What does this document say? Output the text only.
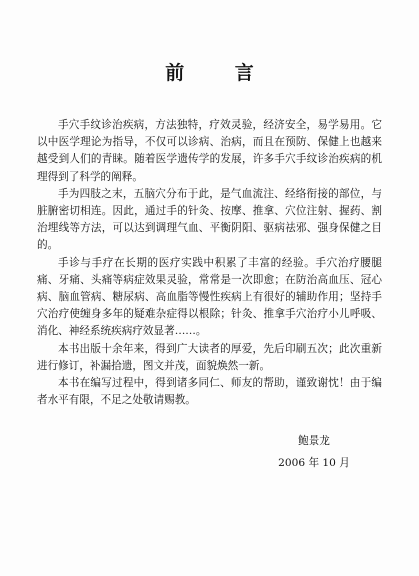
前 言

手穴手纹诊治疾病，方法独特，疗效灵验，经济安全，易学易用。它以中医学理论为指导，不仅可以诊病、治病，而且在预防、保健上也越来越受到人们的青睐。随着医学遗传学的发展，许多手穴手纹诊治疾病的机理得到了科学的阐释。

手为四肢之末，五脑穴分布于此，是气血流注、经络衔接的部位，与脏腑密切相连。因此，通过手的针灸、按摩、推拿、穴位注射、握药、割治埋线等方法，可以达到调理气血、平衡阴阳、驱病祛邪、强身保健之目的。

手诊与手疗在长期的医疗实践中积累了丰富的经验。手穴治疗腰腿痛、牙痛、头痛等病症效果灵验，常常是一次即愈；在防治高血压、冠心病、脑血管病、糖尿病、高血脂等慢性疾病上有很好的辅助作用；坚持手穴治疗使缠身多年的疑难杂症得以根除；针灸、推拿手穴治疗小儿呼吸、消化、神经系统疾病疗效显著……。

本书出版十余年来，得到广大读者的厚爱，先后印刷五次；此次重新进行修订，补漏拾遗，图文并茂，面貌焕然一新。

本书在编写过程中，得到诸多同仁、师友的帮助，谨致谢忱！由于编者水平有限，不足之处敬请赐教。

鲍景龙
2006 年 10 月
